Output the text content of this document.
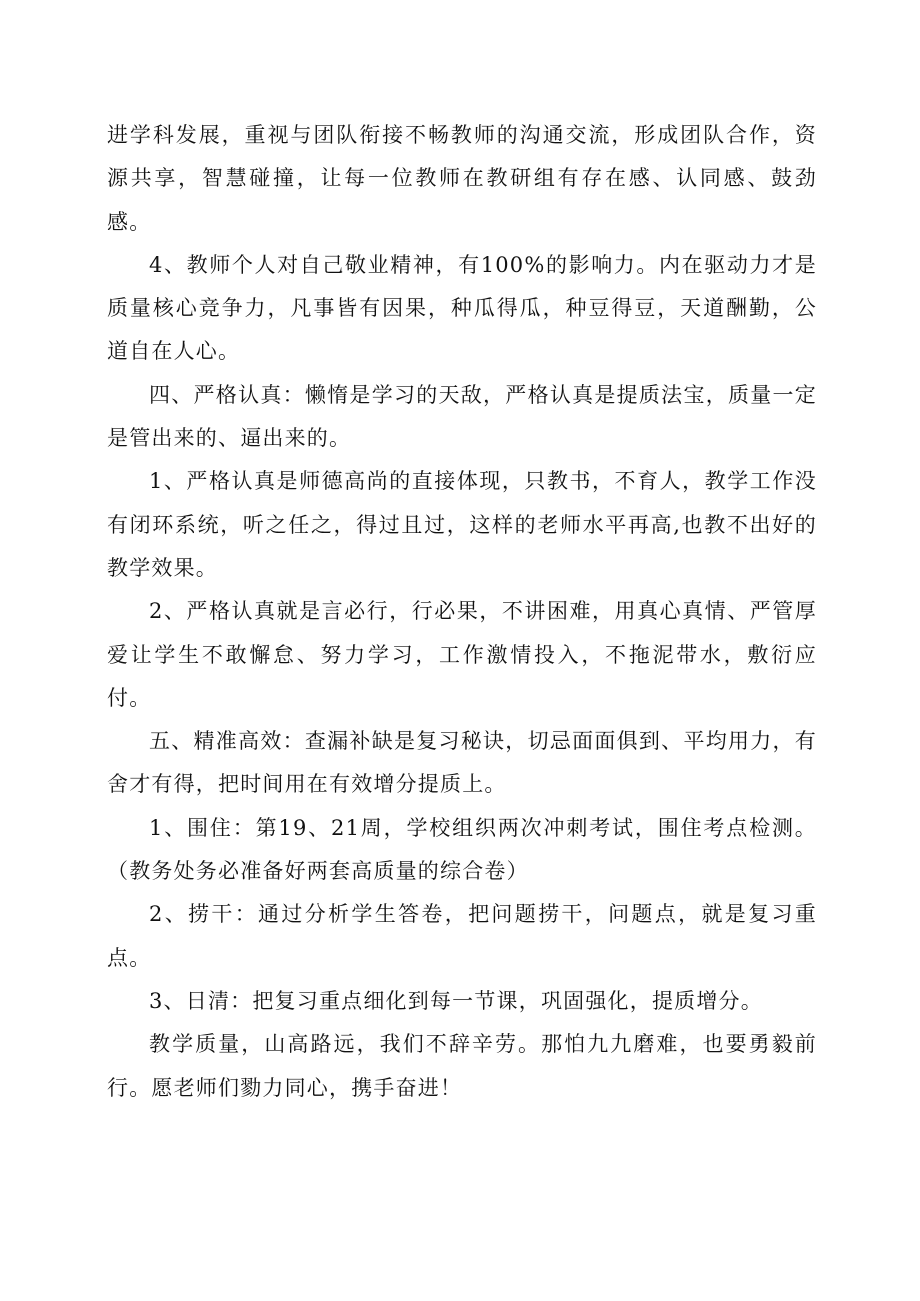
进学科发展，重视与团队衔接不畅教师的沟通交流，形成团队合作，资源共享，智慧碰撞，让每一位教师在教研组有存在感、认同感、鼓劲感。

4、教师个人对自己敬业精神，有100%的影响力。内在驱动力才是质量核心竞争力，凡事皆有因果，种瓜得瓜，种豆得豆，天道酬勤，公道自在人心。

四、严格认真：懒惰是学习的天敌，严格认真是提质法宝，质量一定是管出来的、逼出来的。

1、严格认真是师德高尚的直接体现，只教书，不育人，教学工作没有闭环系统，听之任之，得过且过，这样的老师水平再高,也教不出好的教学效果。

2、严格认真就是言必行，行必果，不讲困难，用真心真情、严管厚爱让学生不敢懈怠、努力学习，工作激情投入，不拖泥带水，敷衍应付。

五、精准高效：查漏补缺是复习秘诀，切忌面面俱到、平均用力，有舍才有得，把时间用在有效增分提质上。

1、围住：第19、21周，学校组织两次冲刺考试，围住考点检测。（教务处务必准备好两套高质量的综合卷）

2、捞干：通过分析学生答卷，把问题捞干，问题点，就是复习重点。

3、日清：把复习重点细化到每一节课，巩固强化，提质增分。

教学质量，山高路远，我们不辞辛劳。那怕九九磨难，也要勇毅前行。愿老师们勠力同心，携手奋进！
